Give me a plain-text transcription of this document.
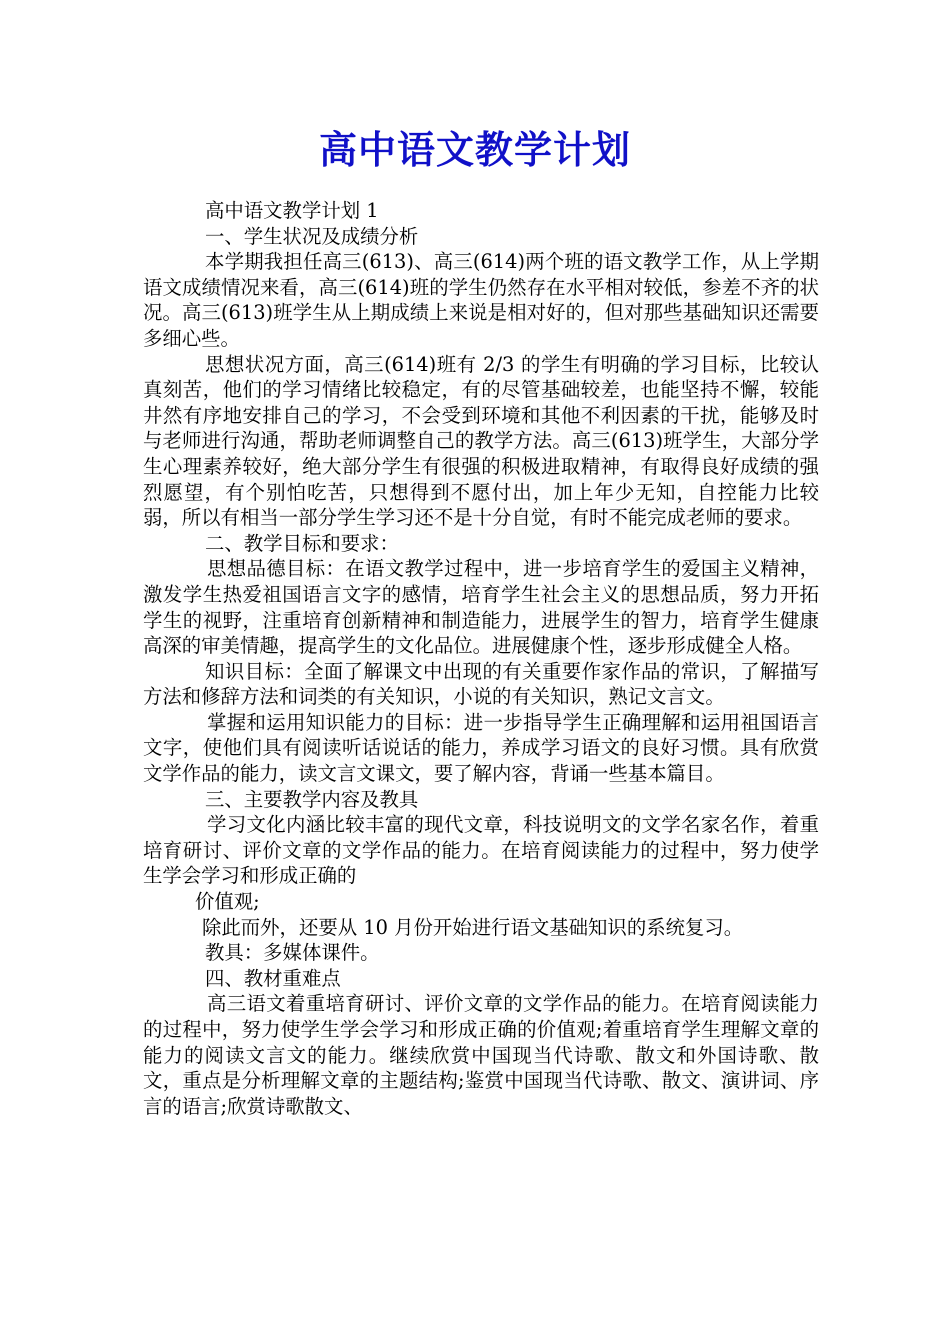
高中语文教学计划

高中语文教学计划 1

一、学生状况及成绩分析

本学期我担任高三(613)、高三(614)两个班的语文教学工作，从上学期语文成绩情况来看，高三(614)班的学生仍然存在水平相对较低，参差不齐的状况。高三(613)班学生从上期成绩上来说是相对好的，但对那些基础知识还需要多细心些。

思想状况方面，高三(614)班有 2/3 的学生有明确的学习目标，比较认真刻苦，他们的学习情绪比较稳定，有的尽管基础较差，也能坚持不懈，较能井然有序地安排自己的学习，不会受到环境和其他不利因素的干扰，能够及时与老师进行沟通，帮助老师调整自己的教学方法。高三(613)班学生，大部分学生心理素养较好，绝大部分学生有很强的积极进取精神，有取得良好成绩的强烈愿望，有个别怕吃苦，只想得到不愿付出，加上年少无知，自控能力比较弱，所以有相当一部分学生学习还不是十分自觉，有时不能完成老师的要求。

二、教学目标和要求：

思想品德目标：在语文教学过程中，进一步培育学生的爱国主义精神，激发学生热爱祖国语言文字的感情，培育学生社会主义的思想品质，努力开拓学生的视野，注重培育创新精神和制造能力，进展学生的智力，培育学生健康高深的审美情趣，提高学生的文化品位。进展健康个性，逐步形成健全人格。

知识目标：全面了解课文中出现的有关重要作家作品的常识，了解描写方法和修辞方法和词类的有关知识，小说的有关知识，熟记文言文。

掌握和运用知识能力的目标：进一步指导学生正确理解和运用祖国语言文字，使他们具有阅读听话说话的能力，养成学习语文的良好习惯。具有欣赏文学作品的能力，读文言文课文，要了解内容，背诵一些基本篇目。

三、主要教学内容及教具

学习文化内涵比较丰富的现代文章，科技说明文的文学名家名作，着重培育研讨、评价文章的文学作品的能力。在培育阅读能力的过程中，努力使学生学会学习和形成正确的

价值观;

除此而外，还要从 10 月份开始进行语文基础知识的系统复习。

教具：多媒体课件。

四、教材重难点

高三语文着重培育研讨、评价文章的文学作品的能力。在培育阅读能力的过程中，努力使学生学会学习和形成正确的价值观;着重培育学生理解文章的能力的阅读文言文的能力。继续欣赏中国现当代诗歌、散文和外国诗歌、散文，重点是分析理解文章的主题结构;鉴赏中国现当代诗歌、散文、演讲词、序言的语言;欣赏诗歌散文、
